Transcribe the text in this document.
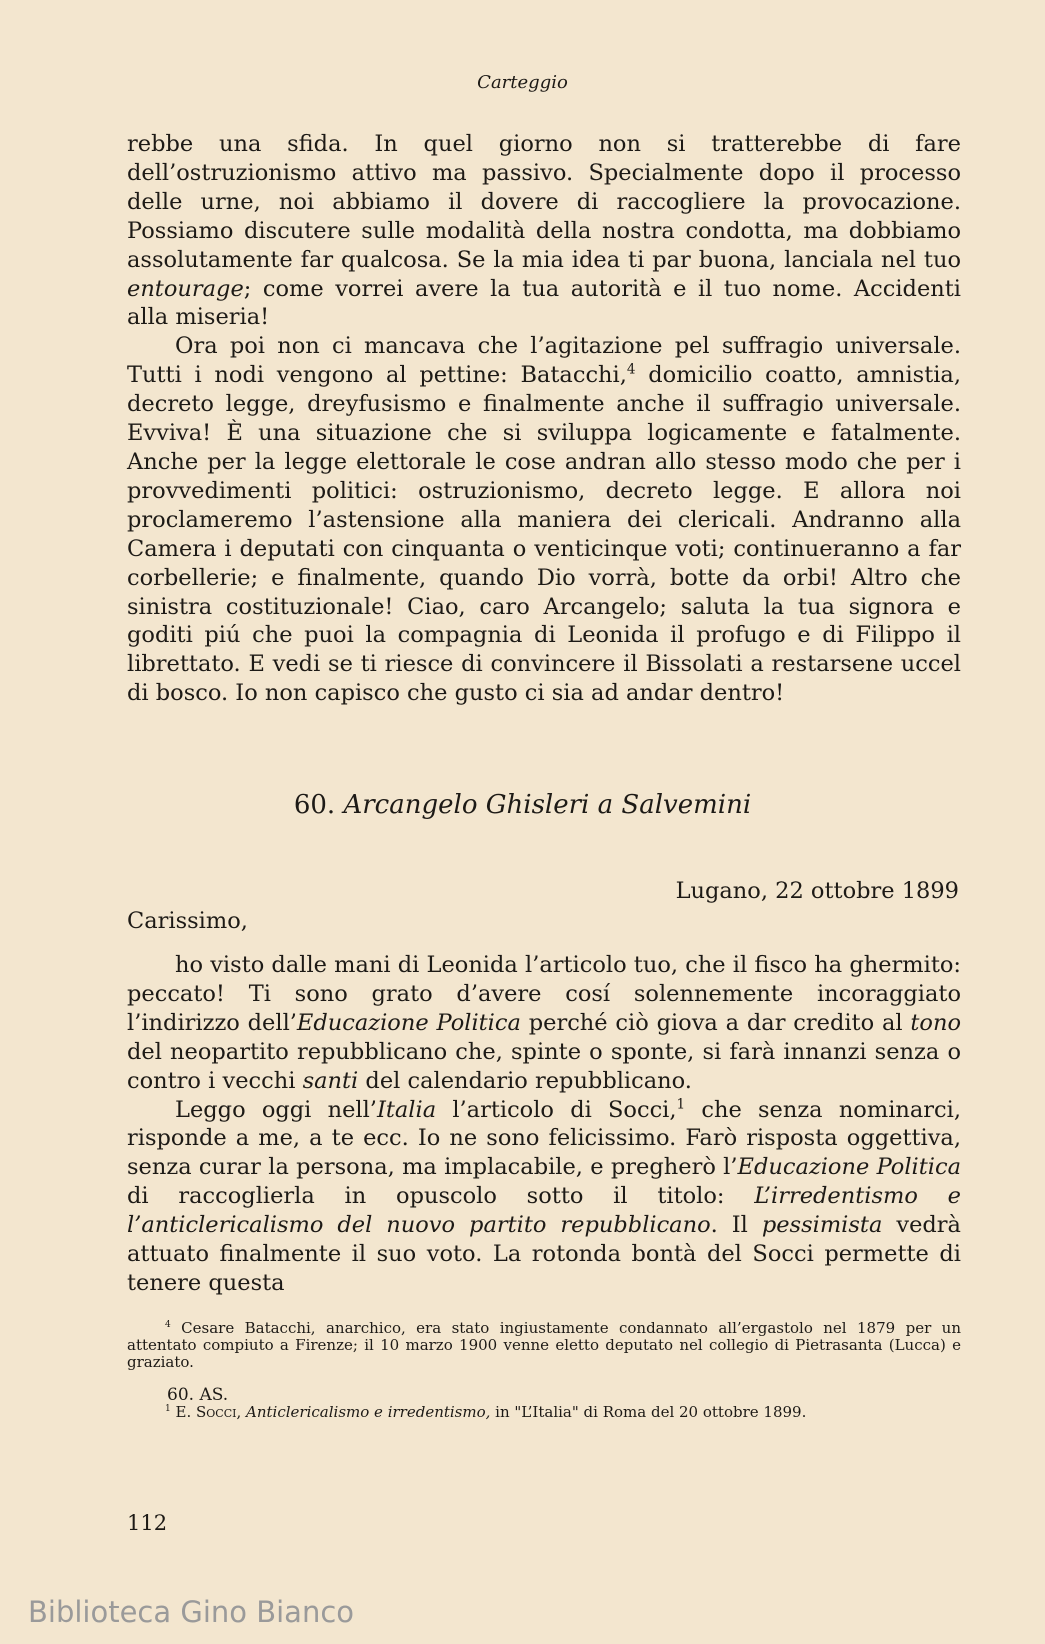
Carteggio

rebbe una sfida. In quel giorno non si tratterebbe di fare dell’ostruzionismo attivo ma passivo. Specialmente dopo il processo delle urne, noi abbiamo il dovere di raccogliere la provocazione. Possiamo discutere sulle modalità della nostra condotta, ma dobbiamo assolutamente far qualcosa. Se la mia idea ti par buona, lanciala nel tuo entourage; come vorrei avere la tua autorità e il tuo nome. Accidenti alla miseria!

Ora poi non ci mancava che l’agitazione pel suffragio universale. Tutti i nodi vengono al pettine: Batacchi,$^4$ domicilio coatto, amnistia, decreto legge, dreyfusismo e finalmente anche il suffragio universale. Evviva! È una situazione che si sviluppa logicamente e fatalmente. Anche per la legge elettorale le cose andran allo stesso modo che per i provvedimenti politici: ostruzionismo, decreto legge. E allora noi proclameremo l’astensione alla maniera dei clericali. Andranno alla Camera i deputati con cinquanta o venticinque voti; continueranno a far corbellerie; e finalmente, quando Dio vorrà, botte da orbi! Altro che sinistra costituzionale! Ciao, caro Arcangelo; saluta la tua signora e goditi piú che puoi la compagnia di Leonida il profugo e di Filippo il librettato. E vedi se ti riesce di convincere il Bissolati a restarsene uccel di bosco. Io non capisco che gusto ci sia ad andar dentro!

60. Arcangelo Ghisleri a Salvemini
Lugano, 22 ottobre 1899
Carissimo,

ho visto dalle mani di Leonida l’articolo tuo, che il fisco ha ghermito: peccato! Ti sono grato d’avere cosí solennemente incoraggiato l’indirizzo dell’Educazione Politica perché ciò giova a dar credito al tono del neopartito repubblicano che, spinte o sponte, si farà innanzi senza o contro i vecchi santi del calendario repubblicano.

Leggo oggi nell’Italia l’articolo di Socci,$^1$ che senza nominarci, risponde a me, a te ecc. Io ne sono felicissimo. Farò risposta oggettiva, senza curar la persona, ma implacabile, e pregherò l’Educazione Politica di raccoglierla in opuscolo sotto il titolo: L’irredentismo e l’anticlericalismo del nuovo partito repubblicano. Il pessimista vedrà attuato finalmente il suo voto. La rotonda bontà del Socci permette di tenere questa

$^4$ Cesare Batacchi, anarchico, era stato ingiustamente condannato all’ergastolo nel 1879 per un attentato compiuto a Firenze; il 10 marzo 1900 venne eletto deputato nel collegio di Pietrasanta (Lucca) e graziato.

60. AS.

$^1$ E. Socci, Anticlericalismo e irredentismo, in "L’Italia" di Roma del 20 ottobre 1899.

112
Biblioteca Gino Bianco
